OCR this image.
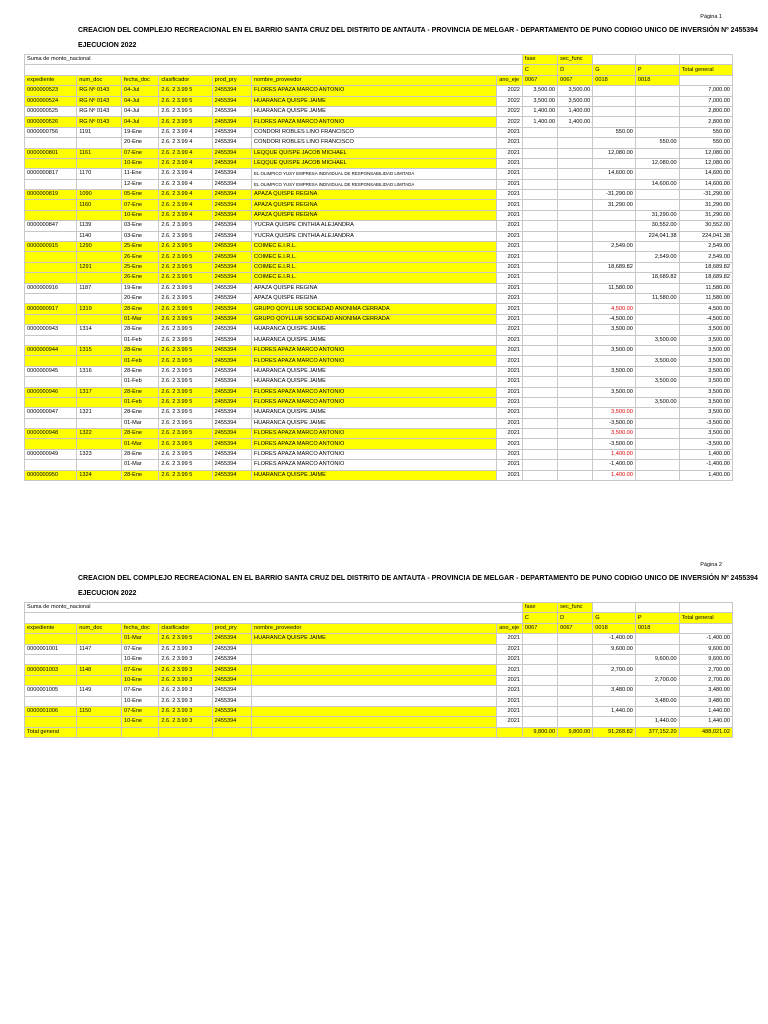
Página 1
CREACION DEL COMPLEJO RECREACIONAL EN EL BARRIO SANTA CRUZ DEL DISTRITO DE ANTAUTA - PROVINCIA DE MELGAR - DEPARTAMENTO DE PUNO CODIGO UNICO DE INVERSIÓN Nº 2455394
EJECUCION 2022
Suma de monto_nacional							fase	sec_func			
							C	D	G	P	Total general
expediente	num_doc	fecha_doc	clasificador	prod_pry	nombre_proveedor	ano_eje	0067	0067	0018	0018	
0000000523	RG Nº 0143	04-Jul	2.6. 2 3.99 5	2455394	FLORES APAZA MARCO ANTONIO	2022	3,500.00	3,500.00			7,000.00
0000000524	RG Nº 0143	04-Jul	2.6. 2 3.99 5	2455394	HUARANCA QUISPE JAIME	2022	3,500.00	3,500.00			7,000.00
0000000525	RG Nº 0143	04-Jul	2.6. 2 3.99 5	2455394	HUARANCA QUISPE JAIME	2022	1,400.00	1,400.00			2,800.00
0000000526	RG Nº 0143	04-Jul	2.6. 2 3.99 5	2455394	FLORES APAZA MARCO ANTONIO	2022	1,400.00	1,400.00			2,800.00
0000000756	1191	19-Ene	2.6. 2 3.99 4	2455394	CONDORI ROBLES LINO FRANCISCO	2021			550.00		550.00
		20-Ene	2.6. 2 3.99 4	2455394	CONDORI ROBLES LINO FRANCISCO	2021				550.00	550.00
0000000801	1161	07-Ene	2.6. 2 3.99 4	2455394	LEQQUE QUISPE JACOB MICHAEL	2021			12,080.00		12,080.00
		10-Ene	2.6. 2 3.99 4	2455394	LEQQUE QUISPE JACOB MICHAEL	2021				12,080.00	12,080.00
0000000817	1170	11-Ene	2.6. 2 3.99 4	2455394	EL OLIMPICO YUSY EMPRESA INDIVIDUAL DE RESPONSABILIDAD LIMITADA	2021			14,600.00		14,600.00
		12-Ene	2.6. 2 3.99 4	2455394	EL OLIMPICO YUSY EMPRESA INDIVIDUAL DE RESPONSABILIDAD LIMITADA	2021				14,600.00	14,600.00
0000000819	1090	05-Ene	2.6. 2 3.99 4	2455394	APAZA QUISPE REGINA	2021			-31,290.00		-31,290.00
	1160	07-Ene	2.6. 2 3.99 4	2455394	APAZA QUISPE REGINA	2021			31,290.00		31,290.00
		10-Ene	2.6. 2 3.99 4	2455394	APAZA QUISPE REGINA	2021				31,290.00	31,290.00
0000000847	1139	03-Ene	2.6. 2 3.99 5	2455394	YUCRA QUISPE CINTHIA ALEJANDRA	2021				30,552.00	30,552.00
	1140	03-Ene	2.6. 2 3.99 5	2455394	YUCRA QUISPE CINTHIA ALEJANDRA	2021				224,041.38	224,041.38
0000000915	1290	25-Ene	2.6. 2 3.99 5	2455394	COIMEC E.I.R.L.	2021			2,549.00		2,549.00
		26-Ene	2.6. 2 3.99 5	2455394	COIMEC E.I.R.L.	2021				2,549.00	2,549.00
	1291	25-Ene	2.6. 2 3.99 5	2455394	COIMEC E.I.R.L.	2021			18,689.82		18,689.82
		26-Ene	2.6. 2 3.99 5	2455394	COIMEC E.I.R.L.	2021				18,689.82	18,689.82
0000000916	1187	19-Ene	2.6. 2 3.99 5	2455394	APAZA QUISPE REGINA	2021			11,580.00		11,580.00
		20-Ene	2.6. 2 3.99 5	2455394	APAZA QUISPE REGINA	2021				11,580.00	11,580.00
0000000917	1319	28-Ene	2.6. 2 3.99 5	2455394	GRUPO QOYLLUR SOCIEDAD ANONIMA CERRADA	2021			4,500.00		4,500.00
		01-Mar	2.6. 2 3.99 5	2455394	GRUPO QOYLLUR SOCIEDAD ANONIMA CERRADA	2021			-4,500.00		-4,500.00
0000000943	1314	28-Ene	2.6. 2 3.99 5	2455394	HUARANCA QUISPE JAIME	2021			3,500.00		3,500.00
		01-Feb	2.6. 2 3.99 5	2455394	HUARANCA QUISPE JAIME	2021				3,500.00	3,500.00
0000000944	1315	28-Ene	2.6. 2 3.99 5	2455394	FLORES APAZA MARCO ANTONIO	2021			3,500.00		3,500.00
		01-Feb	2.6. 2 3.99 5	2455394	FLORES APAZA MARCO ANTONIO	2021				3,500.00	3,500.00
0000000945	1316	28-Ene	2.6. 2 3.99 5	2455394	HUARANCA QUISPE JAIME	2021			3,500.00		3,500.00
		01-Feb	2.6. 2 3.99 5	2455394	HUARANCA QUISPE JAIME	2021				3,500.00	3,500.00
0000000946	1317	28-Ene	2.6. 2 3.99 5	2455394	FLORES APAZA MARCO ANTONIO	2021			3,500.00		3,500.00
		01-Feb	2.6. 2 3.99 5	2455394	FLORES APAZA MARCO ANTONIO	2021				3,500.00	3,500.00
0000000947	1321	28-Ene	2.6. 2 3.99 5	2455394	HUARANCA QUISPE JAIME	2021			3,500.00		3,500.00
		01-Mar	2.6. 2 3.99 5	2455394	HUARANCA QUISPE JAIME	2021			-3,500.00		-3,500.00
0000000948	1322	28-Ene	2.6. 2 3.99 5	2455394	FLORES APAZA MARCO ANTONIO	2021			3,500.00		3,500.00
		01-Mar	2.6. 2 3.99 5	2455394	FLORES APAZA MARCO ANTONIO	2021			-3,500.00		-3,500.00
0000000949	1323	28-Ene	2.6. 2 3.99 5	2455394	FLORES APAZA MARCO ANTONIO	2021			1,400.00		1,400.00
		01-Mar	2.6. 2 3.99 5	2455394	FLORES APAZA MARCO ANTONIO	2021			-1,400.00		-1,400.00
0000000950	1324	28-Ene	2.6. 2 3.99 5	2455394	HUARANCA QUISPE JAIME	2021			1,400.00		1,400.00
Página 2
CREACION DEL COMPLEJO RECREACIONAL EN EL BARRIO SANTA CRUZ DEL DISTRITO DE ANTAUTA - PROVINCIA DE MELGAR - DEPARTAMENTO DE PUNO CODIGO UNICO DE INVERSIÓN Nº 2455394
EJECUCION 2022
Suma de monto_nacional							fase	sec_func			
							C	D	G	P	Total general
expediente	num_doc	fecha_doc	clasificador	prod_pry	nombre_proveedor	ano_eje	0067	0067	0018	0018	
		01-Mar	2.6. 2 3.99 5	2455394	HUARANCA QUISPE JAIME	2021			-1,400.00		-1,400.00
0000001001	1147	07-Ene	2.6. 2 3.99 3	2455394		2021			9,600.00		9,600.00
		10-Ene	2.6. 2 3.99 3	2455394		2021				9,600.00	9,600.00
0000001003	1148	07-Ene	2.6. 2 3.99 3	2455394		2021			2,700.00		2,700.00
		10-Ene	2.6. 2 3.99 3	2455394		2021				2,700.00	2,700.00
0000001005	1149	07-Ene	2.6. 2 3.99 3	2455394		2021			3,480.00		3,480.00
		10-Ene	2.6. 2 3.99 3	2455394		2021				3,480.00	3,480.00
0000001006	1150	07-Ene	2.6. 2 3.99 3	2455394		2021			1,440.00		1,440.00
		10-Ene	2.6. 2 3.99 3	2455394		2021				1,440.00	1,440.00
Total general							9,800.00	9,800.00	91,268.82	377,152.20	488,021.02
